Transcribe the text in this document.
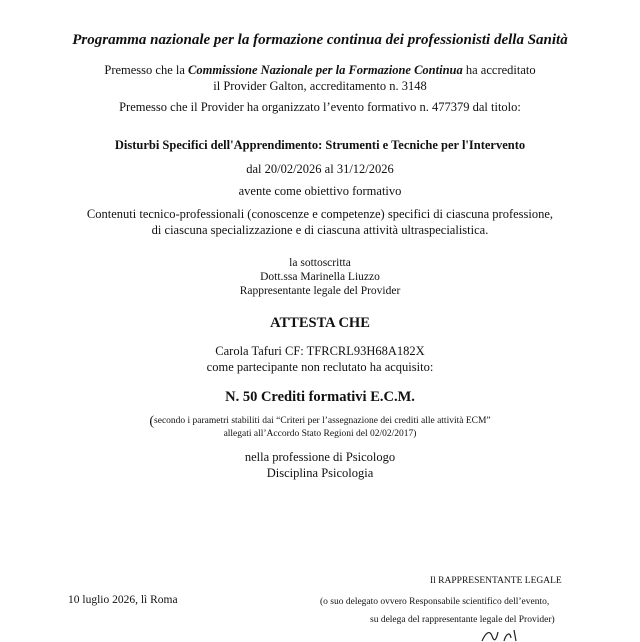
Programma nazionale per la formazione continua dei professionisti della Sanità
Premesso che la Commissione Nazionale per la Formazione Continua ha accreditato
il Provider Galton, accreditamento n. 3148
Premesso che il Provider ha organizzato l’evento formativo n. 477379 dal titolo:
Disturbi Specifici dell'Apprendimento: Strumenti e Tecniche per l'Intervento
dal 20/02/2026 al 31/12/2026
avente come obiettivo formativo
Contenuti tecnico-professionali (conoscenze e competenze) specifici di ciascuna professione,
di ciascuna specializzazione e di ciascuna attività ultraspecialistica.
la sottoscritta
Dott.ssa Marinella Liuzzo
Rappresentante legale del Provider
ATTESTA CHE
Carola Tafuri CF: TFRCRL93H68A182X
come partecipante non reclutato ha acquisito:
N. 50 Crediti formativi E.C.M.
(secondo i parametri stabiliti dai “Criteri per l’assegnazione dei crediti alle attività ECM”
allegati all’Accordo Stato Regioni del 02/02/2017)
nella professione di Psicologo
Disciplina Psicologia
10 luglio 2026, lì Roma
Il RAPPRESENTANTE LEGALE
(o suo delegato ovvero Responsabile scientifico dell’evento,
su delega del rappresentante legale del Provider)
